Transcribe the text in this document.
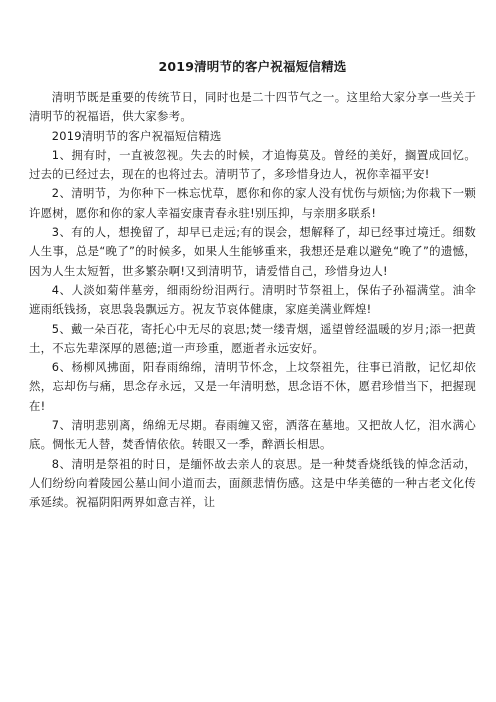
2019清明节的客户祝福短信精选

清明节既是重要的传统节日，同时也是二十四节气之一。这里给大家分享一些关于清明节的祝福语，供大家参考。

2019清明节的客户祝福短信精选

1、拥有时，一直被忽视。失去的时候，才追悔莫及。曾经的美好，搁置成回忆。过去的已经过去，现在的也将过去。清明节了，多珍惜身边人，祝你幸福平安!

2、清明节，为你种下一株忘忧草，愿你和你的家人没有忧伤与烦恼;为你栽下一颗许愿树，愿你和你的家人幸福安康青春永驻!别压抑，与亲朋多联系!

3、有的人，想挽留了，却早已走远;有的误会，想解释了，却已经事过境迁。细数人生事，总是“晚了”的时候多，如果人生能够重来，我想还是难以避免“晚了”的遗憾，因为人生太短暂，世多繁杂啊!又到清明节，请爱惜自己，珍惜身边人!

4、人淡如菊伴墓旁，细雨纷纷泪两行。清明时节祭祖上，保佑子孙福满堂。油伞遮雨纸钱扬，哀思袅袅飘远方。祝友节哀体健康，家庭美满业辉煌!

5、戴一朵百花，寄托心中无尽的哀思;焚一缕青烟，遥望曾经温暖的岁月;添一把黄土，不忘先辈深厚的恩德;道一声珍重，愿逝者永远安好。

6、杨柳风拂面，阳春雨绵绵，清明节怀念，上坟祭祖先，往事已消散，记忆却依然，忘却伤与痛，思念存永远，又是一年清明愁，思念语不休，愿君珍惜当下，把握现在!

7、清明悲别离，绵绵无尽期。春雨缠又密，洒落在墓地。又把故人忆，泪水满心底。惆怅无人替，焚香情依依。转眼又一季，醉酒长相思。

8、清明是祭祖的时日，是缅怀故去亲人的哀思。是一种焚香烧纸钱的悼念活动，人们纷纷向着陵园公墓山间小道而去，面颜悲情伤感。这是中华美德的一种古老文化传承延续。祝福阴阳两界如意吉祥，让
